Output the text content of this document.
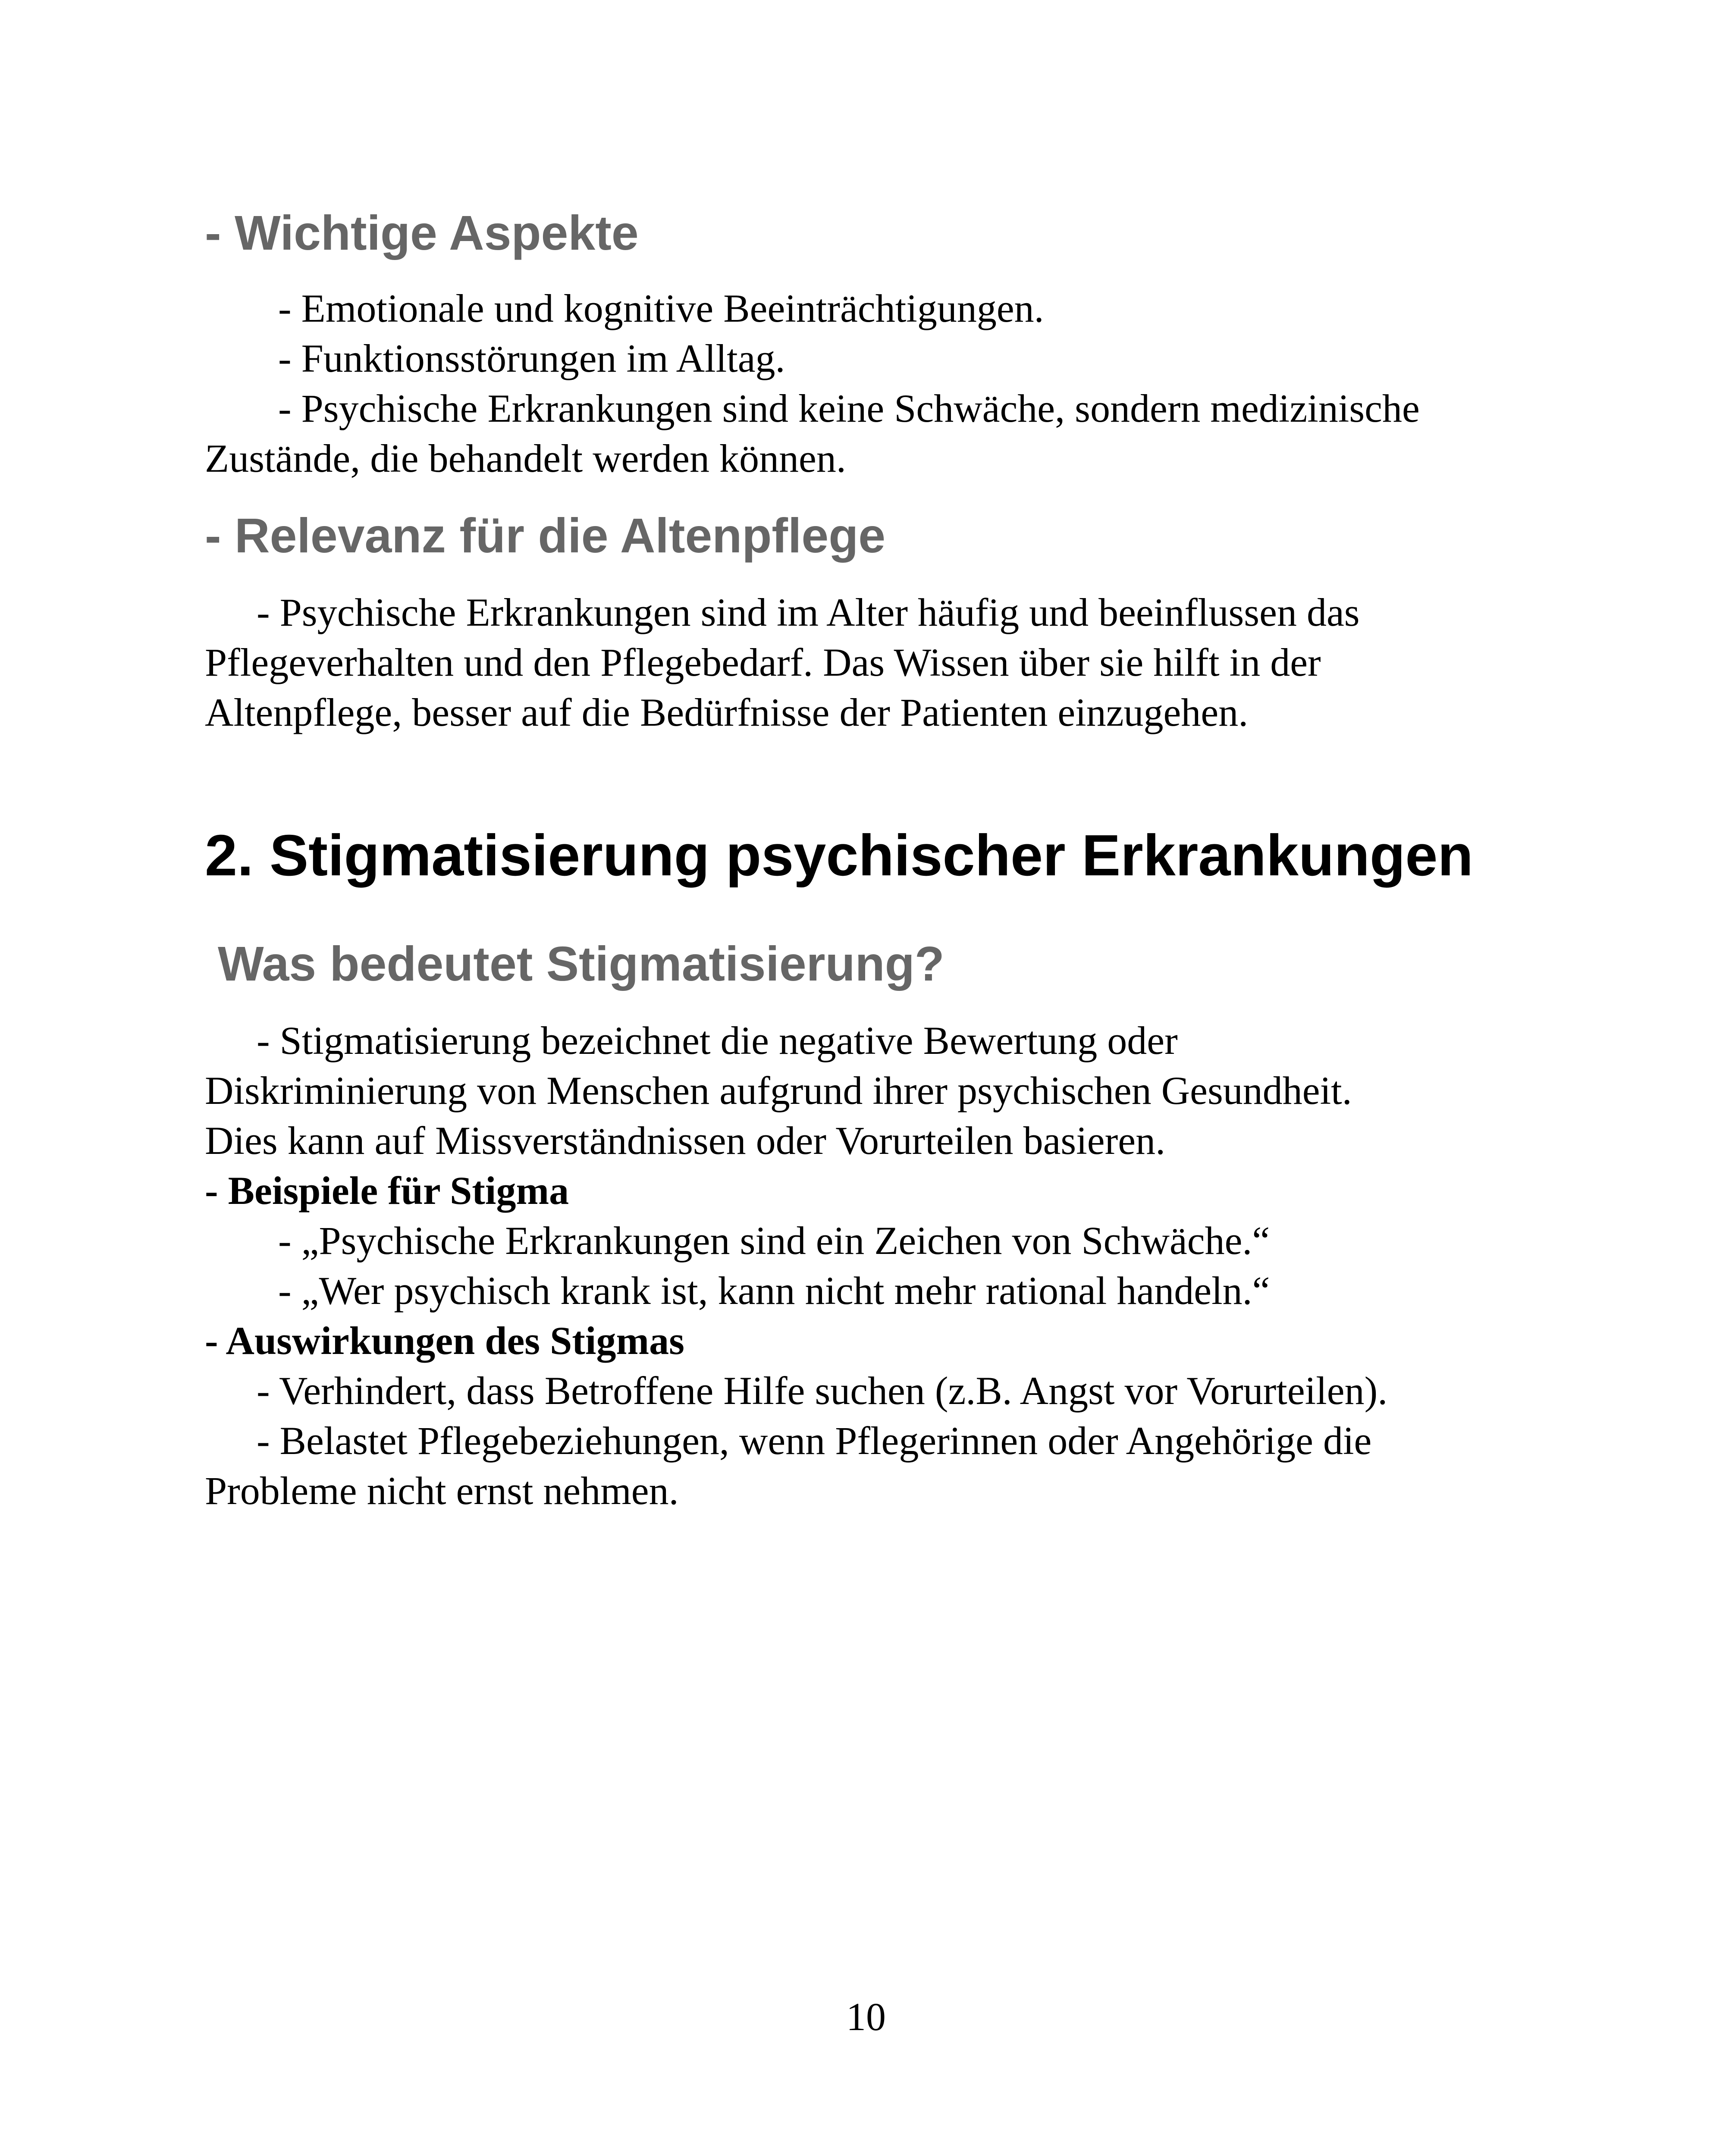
- Wichtige Aspekte
- Emotionale und kognitive Beeinträchtigungen.
- Funktionsstörungen im Alltag.
- Psychische Erkrankungen sind keine Schwäche, sondern medizinische
Zustände, die behandelt werden können.
- Relevanz für die Altenpflege
- Psychische Erkrankungen sind im Alter häufig und beeinflussen das
Pflegeverhalten und den Pflegebedarf. Das Wissen über sie hilft in der
Altenpflege, besser auf die Bedürfnisse der Patienten einzugehen.
2. Stigmatisierung psychischer Erkrankungen
Was bedeutet Stigmatisierung?
- Stigmatisierung bezeichnet die negative Bewertung oder
Diskriminierung von Menschen aufgrund ihrer psychischen Gesundheit.
Dies kann auf Missverständnissen oder Vorurteilen basieren.
- Beispiele für Stigma
- „Psychische Erkrankungen sind ein Zeichen von Schwäche.“
- „Wer psychisch krank ist, kann nicht mehr rational handeln.“
- Auswirkungen des Stigmas
- Verhindert, dass Betroffene Hilfe suchen (z.B. Angst vor Vorurteilen).
- Belastet Pflegebeziehungen, wenn Pflegerinnen oder Angehörige die
Probleme nicht ernst nehmen.
10
